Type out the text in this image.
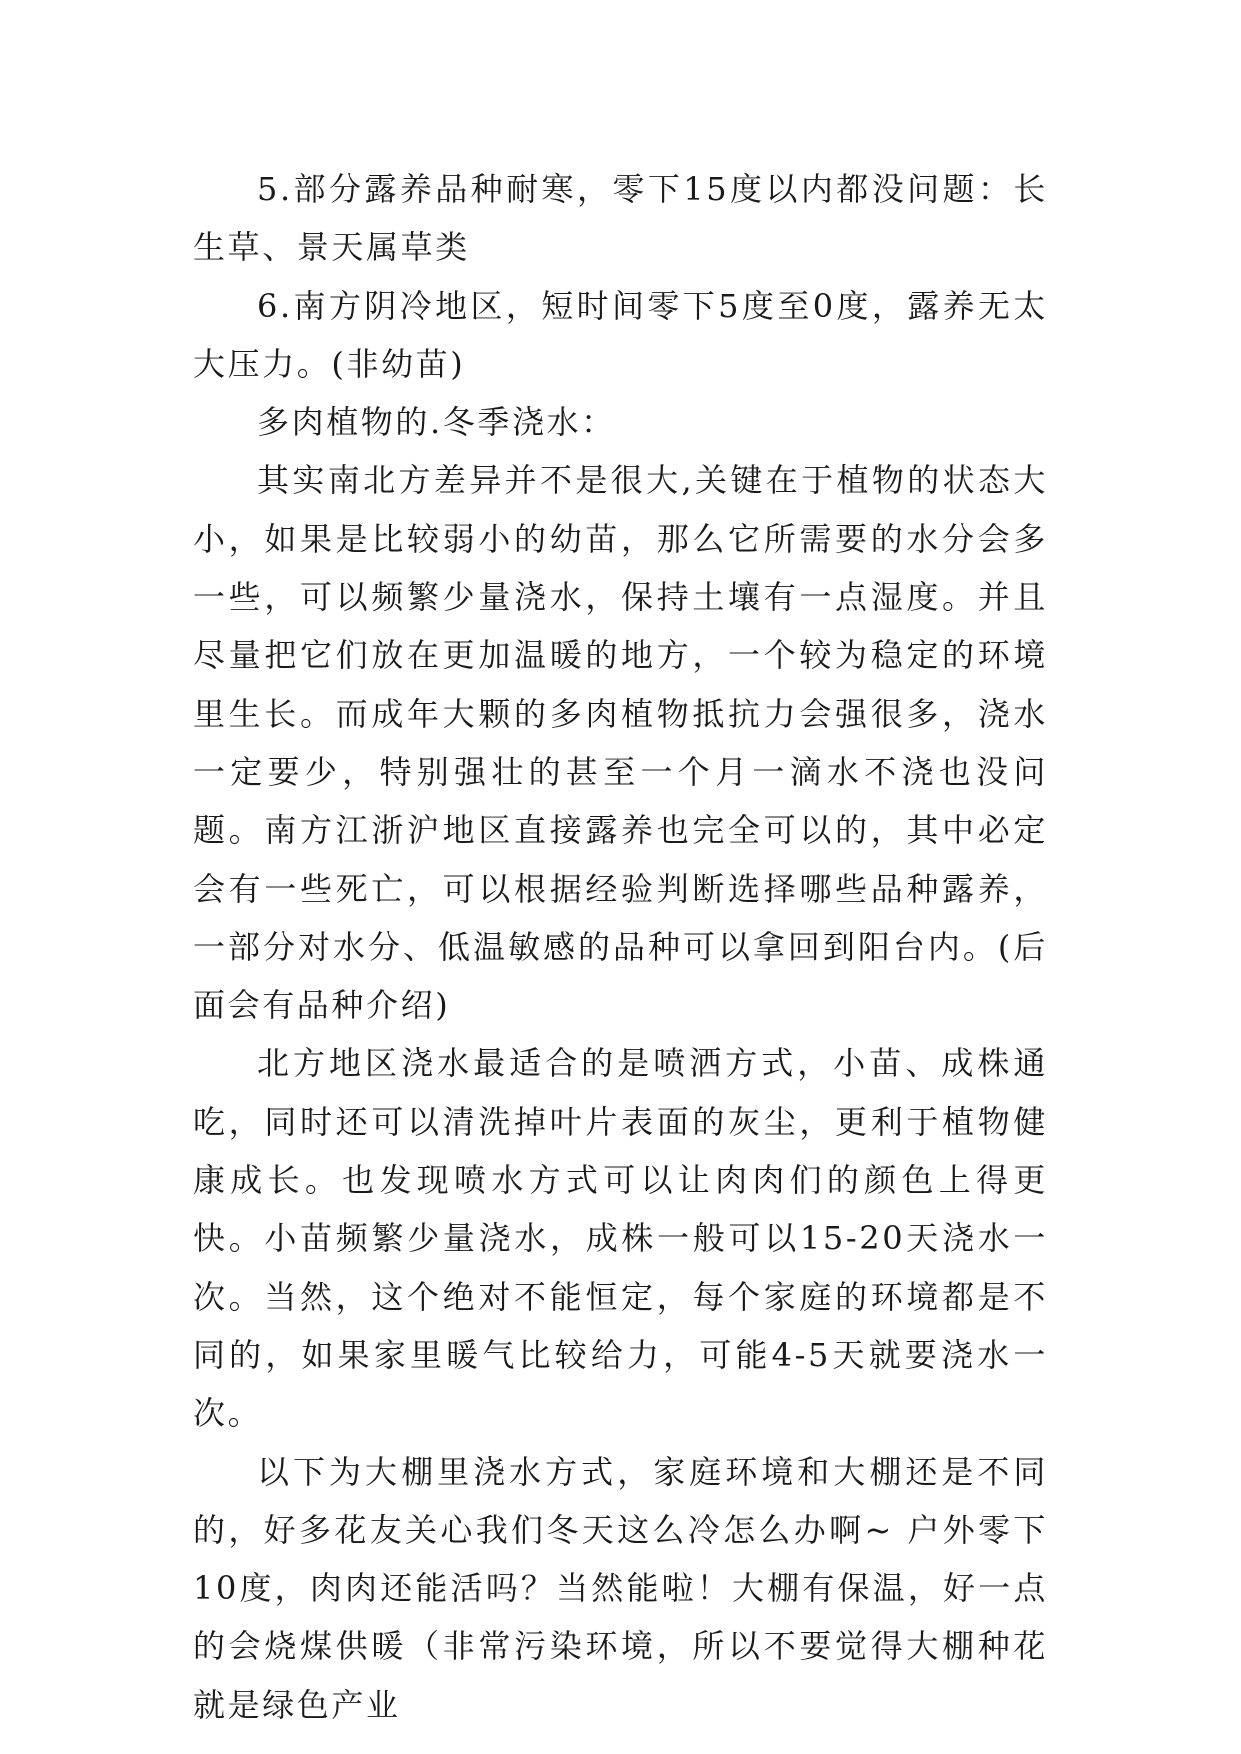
5.部分露养品种耐寒，零下15度以内都没问题：长生草、景天属草类

6.南方阴冷地区，短时间零下5度至0度，露养无太大压力。(非幼苗)

多肉植物的.冬季浇水：

其实南北方差异并不是很大,关键在于植物的状态大小，如果是比较弱小的幼苗，那么它所需要的水分会多一些，可以频繁少量浇水，保持土壤有一点湿度。并且尽量把它们放在更加温暖的地方，一个较为稳定的环境里生长。而成年大颗的多肉植物抵抗力会强很多，浇水一定要少，特别强壮的甚至一个月一滴水不浇也没问题。南方江浙沪地区直接露养也完全可以的，其中必定会有一些死亡，可以根据经验判断选择哪些品种露养，一部分对水分、低温敏感的品种可以拿回到阳台内。(后面会有品种介绍)

北方地区浇水最适合的是喷洒方式，小苗、成株通吃，同时还可以清洗掉叶片表面的灰尘，更利于植物健康成长。也发现喷水方式可以让肉肉们的颜色上得更快。小苗频繁少量浇水，成株一般可以15-20天浇水一次。当然，这个绝对不能恒定，每个家庭的环境都是不同的，如果家里暖气比较给力，可能4-5天就要浇水一次。

以下为大棚里浇水方式，家庭环境和大棚还是不同的，好多花友关心我们冬天这么冷怎么办啊~ 户外零下10度，肉肉还能活吗？当然能啦！大棚有保温，好一点的会烧煤供暖（非常污染环境，所以不要觉得大棚种花就是绿色产业
